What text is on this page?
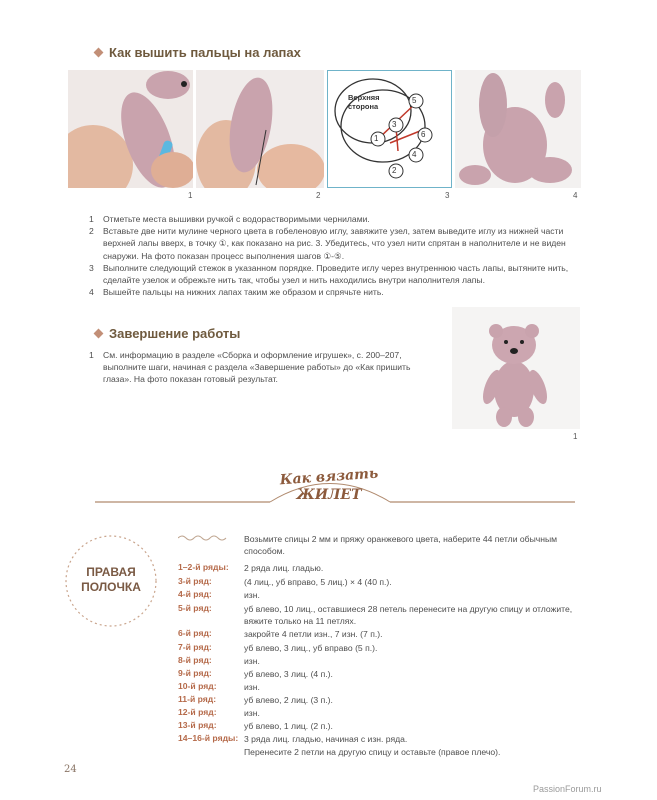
Как вышить пальцы на лапах
1	2
Верхняя
сторона
1
2
3
4
5
6
3	4
1 Отметьте места вышивки ручкой с водорастворимыми чернилами.
2 Вставьте две нити мулине черного цвета в гобеленовую иглу, завяжите узел, затем выведите иглу из нижней части верхней лапы вверх, в точку ①, как показано на рис. 3. Убедитесь, что узел нити спрятан в наполнителе и не виден снаружи. На фото показан процесс выполнения шагов ①-⑤.
3 Выполните следующий стежок в указанном порядке. Проведите иглу через внутреннюю часть лапы, вытяните нить, сделайте узелок и обрежьте нить так, чтобы узел и нить находились внутри наполнителя лапы.
4 Вышейте пальцы на нижних лапах таким же образом и спрячьте нить.
Завершение работы
1 См. информацию в разделе «Сборка и оформление игрушек», с. 200–207, выполните шаги, начиная с раздела «Завершение работы» до «Как пришить глаза». На фото показан готовый результат.
1
Как вязать
ЖИЛЕТ
ПРАВАЯ
ПОЛОЧКА
Возьмите спицы 2 мм и пряжу оранжевого цвета, наберите 44 петли обычным способом.
1–2-й ряды: 2 ряда лиц. гладью.
3-й ряд:	(4 лиц., уб вправо, 5 лиц.) × 4 (40 п.).
4-й ряд:	изн.
5-й ряд:	уб влево, 10 лиц., оставшиеся 28 петель перенесите на другую спицу и отложите, вяжите только на 11 петлях.
6-й ряд:	закройте 4 петли изн., 7 изн. (7 п.).
7-й ряд:	уб влево, 3 лиц., уб вправо (5 п.).
8-й ряд:	изн.
9-й ряд:	уб влево, 3 лиц. (4 п.).
10-й ряд:	изн.
11-й ряд:	уб влево, 2 лиц. (3 п.).
12-й ряд:	изн.
13-й ряд:	уб влево, 1 лиц. (2 п.).
14–16-й ряды: 3 ряда лиц. гладью, начиная с изн. ряда.
Перенесите 2 петли на другую спицу и оставьте (правое плечо).
24
PassionForum.ru
